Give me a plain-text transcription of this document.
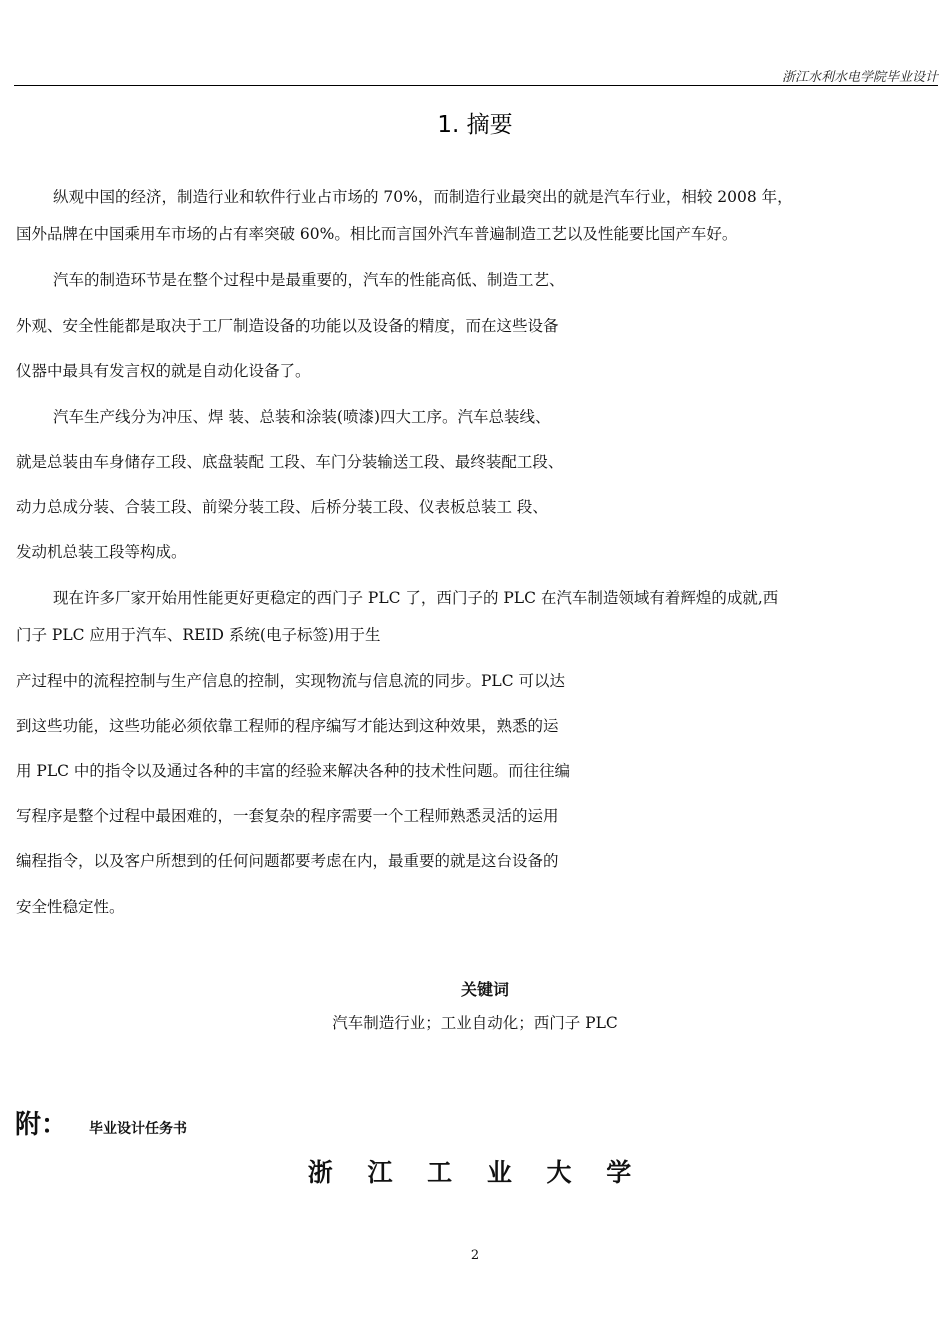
浙江水利水电学院毕业设计
1. 摘要
纵观中国的经济，制造行业和软件行业占市场的 70%，而制造行业最突出的就是汽车行业，相较 2008 年，
国外品牌在中国乘用车市场的占有率突破 60%。相比而言国外汽车普遍制造工艺以及性能要比国产车好。
汽车的制造环节是在整个过程中是最重要的，汽车的性能高低、制造工艺、
外观、安全性能都是取决于工厂制造设备的功能以及设备的精度，而在这些设备
仪器中最具有发言权的就是自动化设备了。
汽车生产线分为冲压、焊 装、总装和涂装(喷漆)四大工序。汽车总装线、
就是总装由车身储存工段、底盘装配 工段、车门分装输送工段、最终装配工段、
动力总成分装、合装工段、前梁分装工段、后桥分装工段、仪表板总装工 段、
发动机总装工段等构成。
现在许多厂家开始用性能更好更稳定的西门子 PLC 了，西门子的 PLC 在汽车制造领域有着辉煌的成就,西
门子 PLC 应用于汽车、REID 系统(电子标签)用于生
产过程中的流程控制与生产信息的控制，实现物流与信息流的同步。PLC 可以达
到这些功能，这些功能必须依靠工程师的程序编写才能达到这种效果，熟悉的运
用 PLC 中的指令以及通过各种的丰富的经验来解决各种的技术性问题。而往往编
写程序是整个过程中最困难的，一套复杂的程序需要一个工程师熟悉灵活的运用
编程指令，以及客户所想到的任何问题都要考虑在内，最重要的就是这台设备的
安全性稳定性。
关键词
汽车制造行业；工业自动化；西门子 PLC
附： 毕业设计任务书
浙 江 工 业 大 学
2
